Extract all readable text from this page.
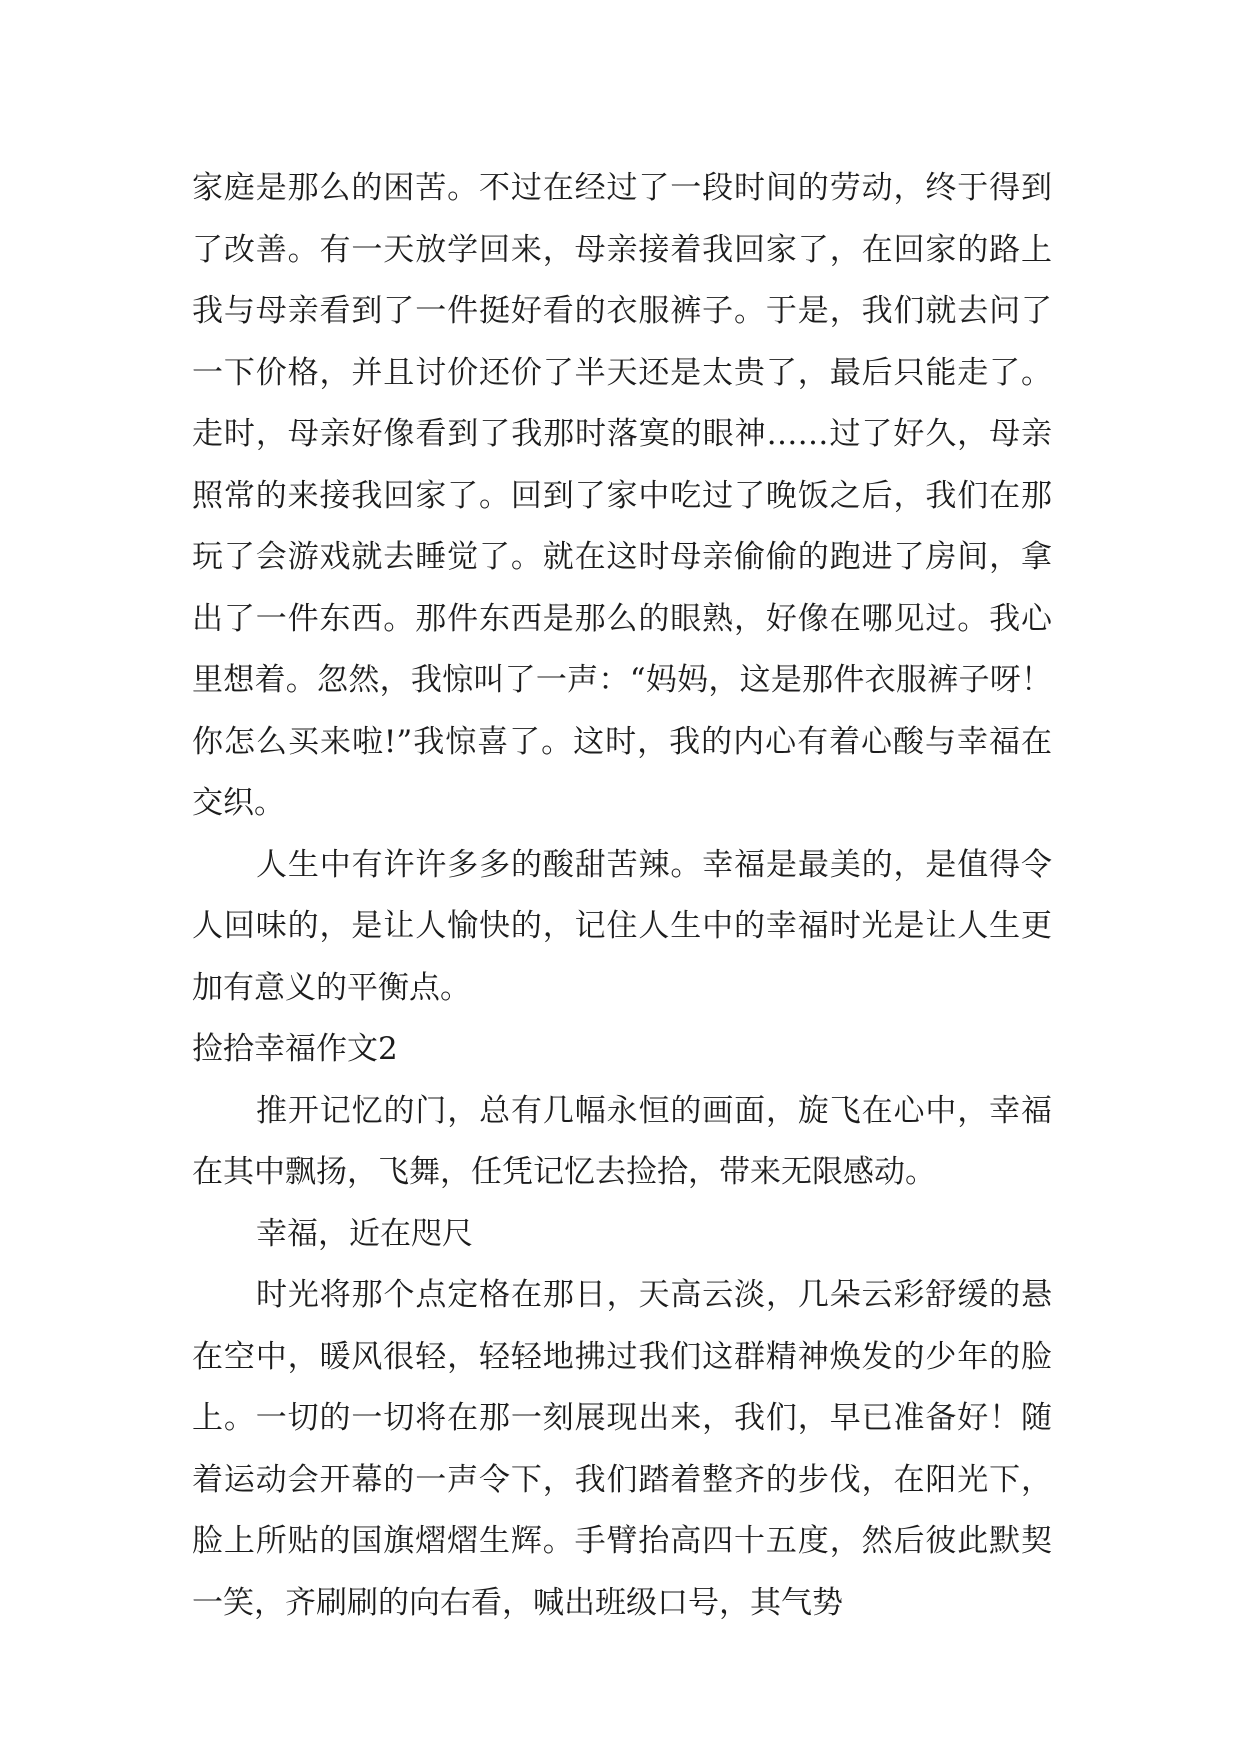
家庭是那么的困苦。不过在经过了一段时间的劳动，终于得到了改善。有一天放学回来，母亲接着我回家了，在回家的路上我与母亲看到了一件挺好看的衣服裤子。于是，我们就去问了一下价格，并且讨价还价了半天还是太贵了，最后只能走了。走时，母亲好像看到了我那时落寞的眼神……过了好久，母亲照常的来接我回家了。回到了家中吃过了晚饭之后，我们在那玩了会游戏就去睡觉了。就在这时母亲偷偷的跑进了房间，拿出了一件东西。那件东西是那么的眼熟，好像在哪见过。我心里想着。忽然，我惊叫了一声：“妈妈，这是那件衣服裤子呀！你怎么买来啦!”我惊喜了。这时，我的内心有着心酸与幸福在交织。

人生中有许许多多的酸甜苦辣。幸福是最美的，是值得令人回味的，是让人愉快的，记住人生中的幸福时光是让人生更加有意义的平衡点。

捡拾幸福作文2

推开记忆的门，总有几幅永恒的画面，旋飞在心中，幸福在其中飘扬，飞舞，任凭记忆去捡拾，带来无限感动。

幸福，近在咫尺

时光将那个点定格在那日，天高云淡，几朵云彩舒缓的悬在空中，暖风很轻，轻轻地拂过我们这群精神焕发的少年的脸上。一切的一切将在那一刻展现出来，我们，早已准备好！随着运动会开幕的一声令下，我们踏着整齐的步伐，在阳光下，脸上所贴的国旗熠熠生辉。手臂抬高四十五度，然后彼此默契一笑，齐刷刷的向右看，喊出班级口号，其气势
